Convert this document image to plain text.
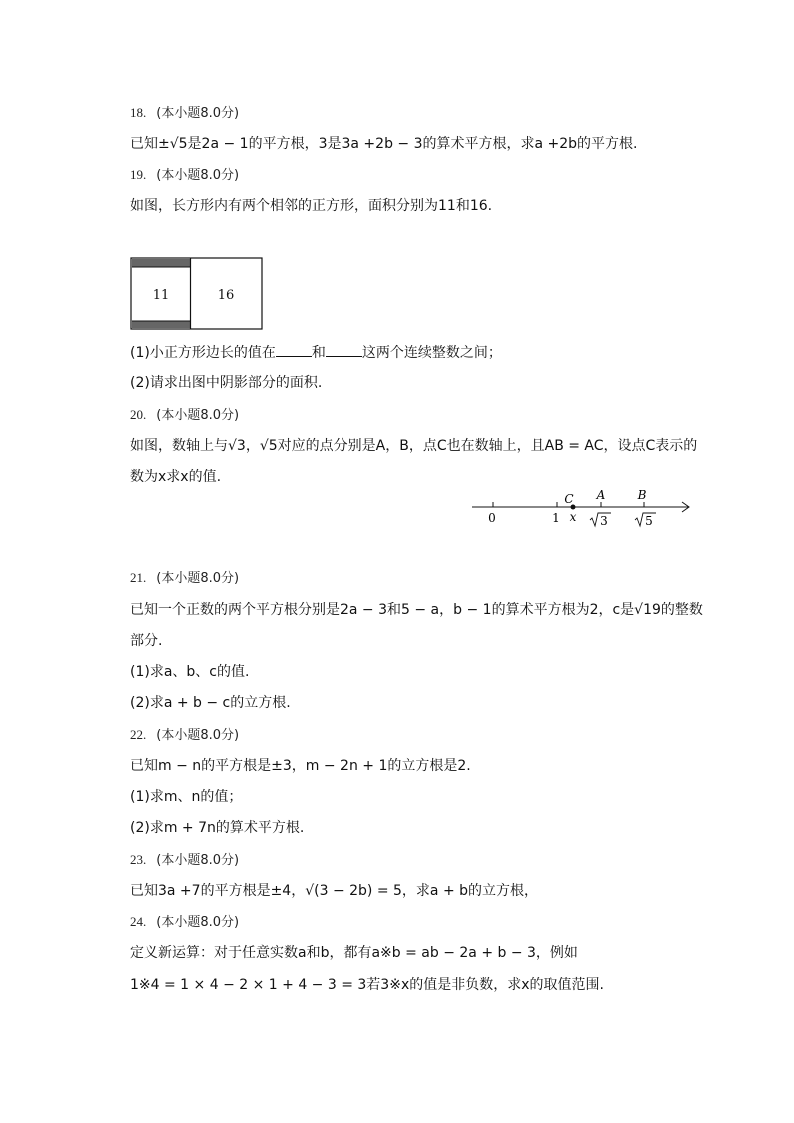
18. (本小题8.0分)
已知±√5是2a − 1的平方根，3是3a +2b − 3的算术平方根，求a +2b的平方根.
19. (本小题8.0分)
如图，长方形内有两个相邻的正方形，面积分别为11和16.
11	16
(1)小正方形边长的值在	和	这两个连续整数之间；
(2)请求出图中阴影部分的面积.
20. (本小题8.0分)
如图，数轴上与√3，√5对应的点分别是A，B，点C也在数轴上，且AB = AC，设点C表示的
数为x求x的值.
0	1
C
x
A	B
3	5
21. (本小题8.0分)
已知一个正数的两个平方根分别是2a − 3和5 − a，b − 1的算术平方根为2，c是√19的整数
部分.
(1)求a、b、c的值.
(2)求a + b − c的立方根.
22. (本小题8.0分)
已知m − n的平方根是±3，m − 2n + 1的立方根是2.
(1)求m、n的值；
(2)求m + 7n的算术平方根.
23. (本小题8.0分)
已知3a +7的平方根是±4，√(3 − 2b) = 5，求a + b的立方根，
24. (本小题8.0分)
定义新运算：对于任意实数a和b，都有a※b = ab − 2a + b − 3，例如
1※4 = 1 × 4 − 2 × 1 + 4 − 3 = 3若3※x的值是非负数，求x的取值范围.
